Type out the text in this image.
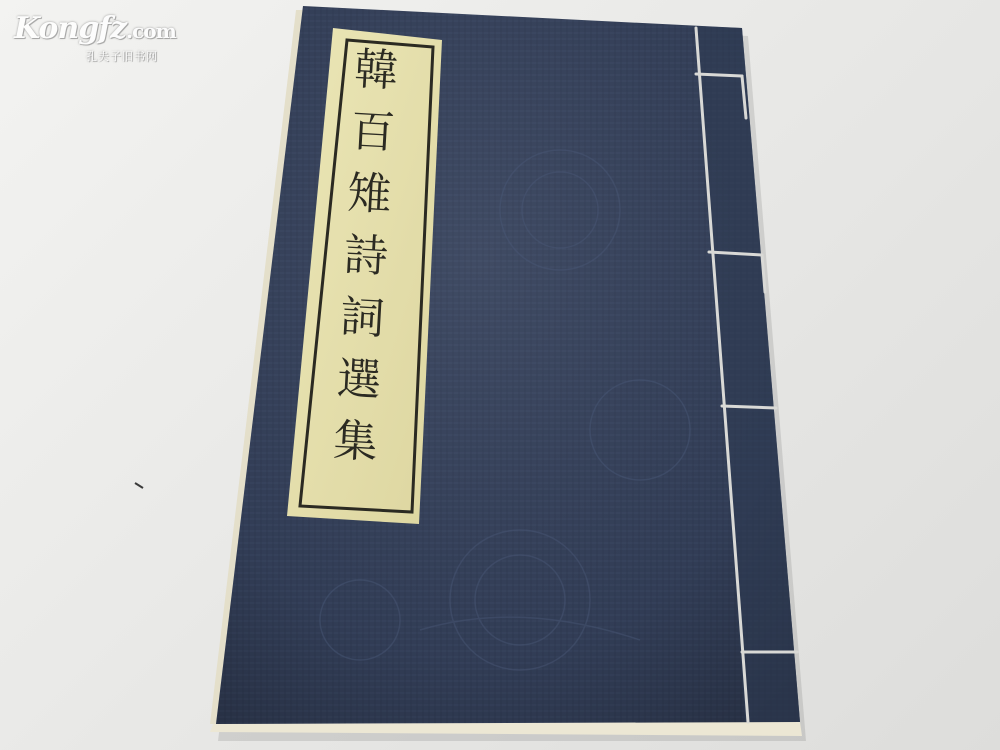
韓
百
雉
詩
詞
選
集
Kongfz.com
孔夫子旧书网
